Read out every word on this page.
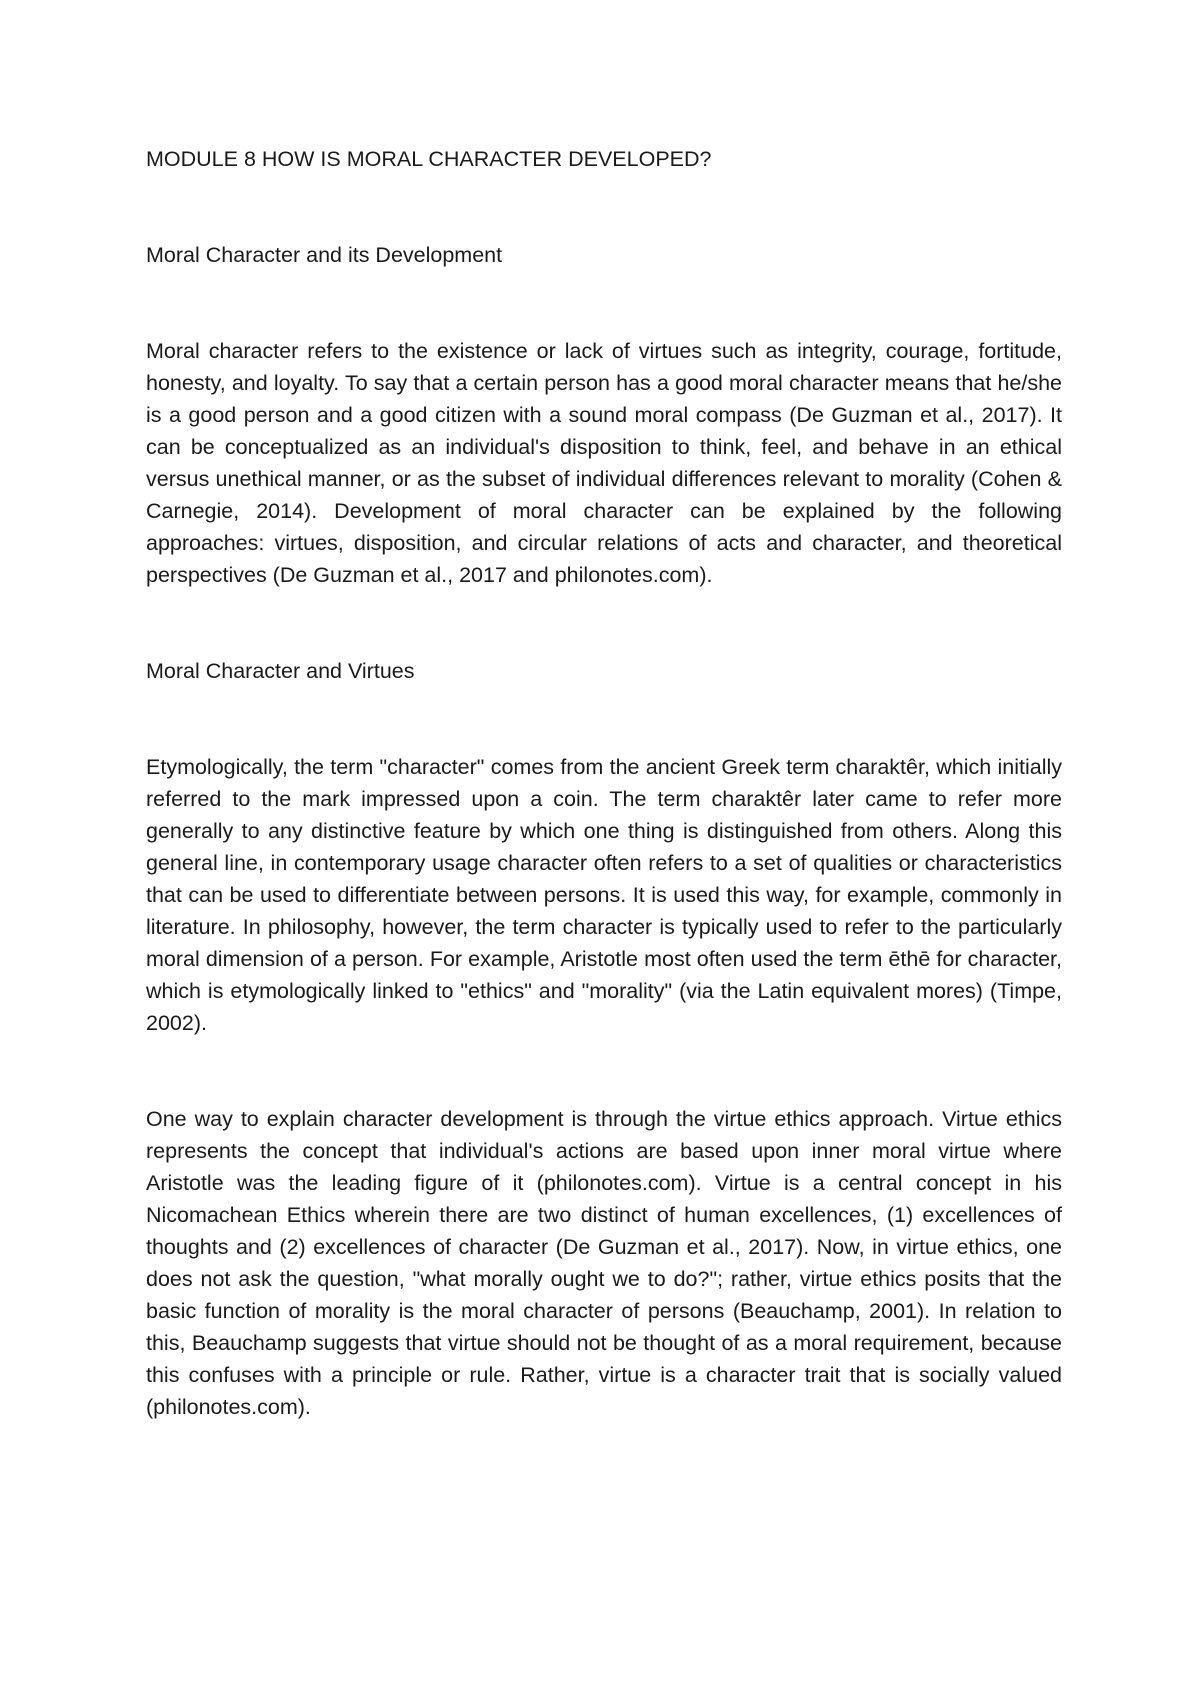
MODULE 8 HOW IS MORAL CHARACTER DEVELOPED?
Moral Character and its Development

Moral character refers to the existence or lack of virtues such as integrity, courage, fortitude, honesty, and loyalty. To say that a certain person has a good moral character means that he/she is a good person and a good citizen with a sound moral compass (De Guzman et al., 2017). It can be conceptualized as an individual's disposition to think, feel, and behave in an ethical versus unethical manner, or as the subset of individual differences relevant to morality (Cohen & Carnegie, 2014). Development of moral character can be explained by the following approaches: virtues, disposition, and circular relations of acts and character, and theoretical perspectives (De Guzman et al., 2017 and philonotes.com).

Moral Character and Virtues

Etymologically, the term "character" comes from the ancient Greek term charaktêr, which initially referred to the mark impressed upon a coin. The term charaktêr later came to refer more generally to any distinctive feature by which one thing is distinguished from others. Along this general line, in contemporary usage character often refers to a set of qualities or characteristics that can be used to differentiate between persons. It is used this way, for example, commonly in literature. In philosophy, however, the term character is typically used to refer to the particularly moral dimension of a person. For example, Aristotle most often used the term ēthē for character, which is etymologically linked to "ethics" and "morality" (via the Latin equivalent mores) (Timpe, 2002).

One way to explain character development is through the virtue ethics approach. Virtue ethics represents the concept that individual's actions are based upon inner moral virtue where Aristotle was the leading figure of it (philonotes.com). Virtue is a central concept in his Nicomachean Ethics wherein there are two distinct of human excellences, (1) excellences of thoughts and (2) excellences of character (De Guzman et al., 2017). Now, in virtue ethics, one does not ask the question, "what morally ought we to do?"; rather, virtue ethics posits that the basic function of morality is the moral character of persons (Beauchamp, 2001). In relation to this, Beauchamp suggests that virtue should not be thought of as a moral requirement, because this confuses with a principle or rule. Rather, virtue is a character trait that is socially valued (philonotes.com).
